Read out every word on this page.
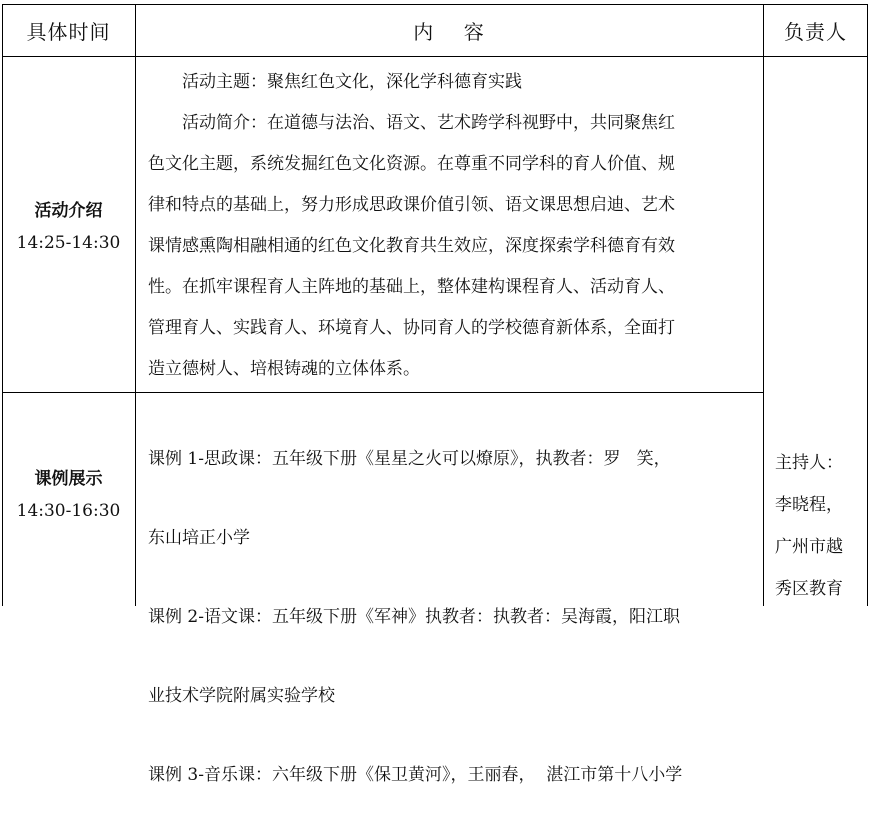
具体时间	内    容	负责人
活动介绍
14:25-14:30

活动主题：聚焦红色文化，深化学科德育实践

活动简介：在道德与法治、语文、艺术跨学科视野中，共同聚焦红

色文化主题，系统发掘红色文化资源。在尊重不同学科的育人价值、规

律和特点的基础上，努力形成思政课价值引领、语文课思想启迪、艺术

课情感熏陶相融相通的红色文化教育共生效应，深度探索学科德育有效

性。在抓牢课程育人主阵地的基础上，整体建构课程育人、活动育人、

管理育人、实践育人、环境育人、协同育人的学校德育新体系，全面打

造立德树人、培根铸魂的立体体系。

课例展示
14:30-16:30

课例 1-思政课：五年级下册《星星之火可以燎原》，执教者：罗   笑，

东山培正小学

课例 2-语文课：五年级下册《军神》执教者：执教者：吴海霞，阳江职

业技术学院附属实验学校

课例 3-音乐课：六年级下册《保卫黄河》，王丽春，  湛江市第十八小学

主持人：

李晓程，

广州市越

秀区教育
